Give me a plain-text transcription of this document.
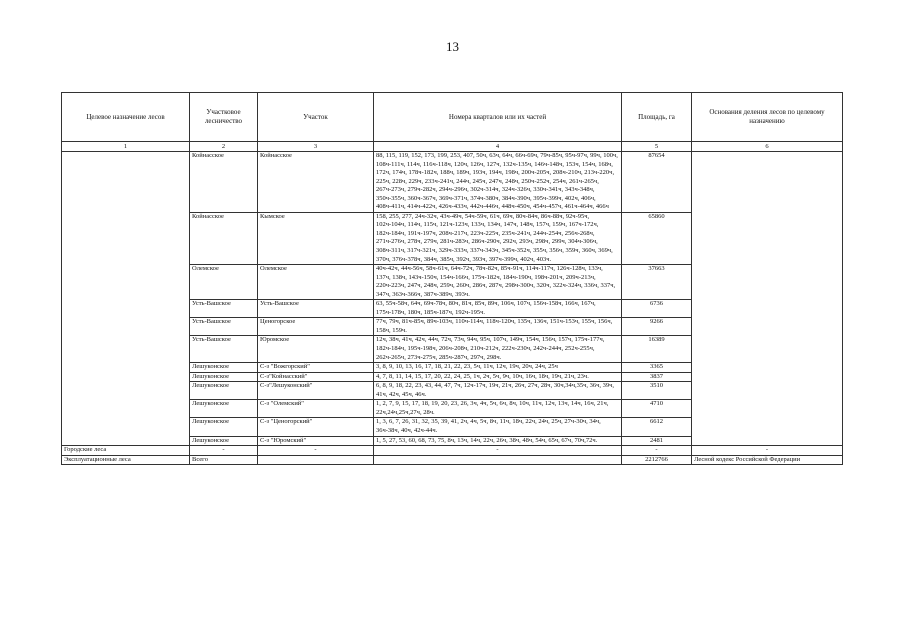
13
Целевое назначение лесов	Участковое лесничество	Участок	Номера кварталов или их частей	Площадь, га	Основания деления лесов по целевому назначению
1	2	3	4	5	6
	Койнасское	Койнасское	88, 115, 119, 152, 173, 199, 253, 407, 50ч, 63ч, 64ч, 66ч-69ч, 79ч-85ч, 95ч-97ч, 99ч, 100ч, 108ч-111ч, 114ч, 116ч-118ч, 120ч, 126ч, 127ч, 132ч-135ч, 146ч-148ч, 153ч, 154ч, 168ч, 172ч, 174ч, 178ч-182ч, 188ч, 189ч, 193ч, 194ч, 198ч, 200ч-205ч, 208ч-210ч, 213ч-220ч, 225ч, 228ч, 229ч, 233ч-241ч, 244ч, 245ч, 247ч, 248ч, 250ч-252ч, 254ч, 261ч-265ч, 267ч-273ч, 279ч-282ч, 294ч-296ч, 302ч-314ч, 324ч-326ч, 330ч-341ч, 343ч-348ч, 350ч-355ч, 360ч-367ч, 369ч-371ч, 374ч-380ч, 384ч-390ч, 395ч-399ч, 402ч, 406ч, 408ч-411ч, 414ч-422ч, 426ч-433ч, 442ч-446ч, 448ч-450ч, 454ч-457ч, 461ч-464ч, 466ч	87654	
	Койнасское	Кымское	158, 255, 277, 24ч-32ч, 43ч-49ч, 54ч-59ч, 61ч, 69ч, 80ч-84ч, 86ч-88ч, 92ч-95ч, 102ч-104ч, 114ч, 115ч, 121ч-123ч, 133ч, 134ч, 147ч, 148ч, 157ч, 159ч, 167ч-172ч, 182ч-184ч, 191ч-197ч, 208ч-217ч, 223ч-225ч, 235ч-241ч, 244ч-254ч, 256ч-268ч, 271ч-276ч, 278ч, 279ч, 281ч-283ч, 286ч-290ч, 292ч, 293ч, 298ч, 299ч, 304ч-306ч, 308ч-311ч, 317ч-321ч, 329ч-333ч, 337ч-343ч, 345ч-352ч, 355ч, 356ч, 359ч, 360ч, 369ч, 370ч, 376ч-378ч, 384ч, 385ч, 392ч, 393ч, 397ч-399ч, 402ч, 403ч.	65860	
	Олемское	Олемское	40ч-42ч, 44ч-56ч, 58ч-61ч, 64ч-72ч, 78ч-82ч, 85ч-91ч, 114ч-117ч, 126ч-128ч, 133ч, 137ч, 138ч, 143ч-150ч, 154ч-166ч, 175ч-182ч, 184ч-190ч, 198ч-201ч, 209ч-213ч, 220ч-223ч, 247ч, 248ч, 259ч, 260ч, 286ч, 287ч, 298ч-300ч, 320ч, 322ч-324ч, 336ч, 337ч, 347ч, 363ч-366ч, 387ч-389ч, 393ч.	37663	
	Усть-Вашское	Усть-Вашское	63, 55ч-58ч, 64ч, 69ч-78ч, 80ч, 81ч, 85ч, 89ч, 106ч, 107ч, 156ч-158ч, 166ч, 167ч, 175ч-178ч, 180ч, 185ч-187ч, 192ч-195ч.	6736	
	Усть-Вашское	Ценогорское	77ч, 79ч, 81ч-85ч, 89ч-103ч, 110ч-114ч, 118ч-120ч, 135ч, 136ч, 151ч-153ч, 155ч, 156ч, 158ч, 159ч.	9266	
	Усть-Вашское	Юромское	12ч, 38ч, 41ч, 42ч, 44ч, 72ч, 73ч, 94ч, 95ч, 107ч, 149ч, 154ч, 156ч, 157ч, 175ч-177ч, 182ч-184ч, 195ч-198ч, 206ч-208ч, 210ч-212ч, 222ч-230ч, 242ч-244ч, 252ч-255ч, 262ч-265ч, 273ч-275ч, 285ч-287ч, 297ч, 298ч.	16389	
	Лешуконское	С-з "Вожгорский"	3, 8, 9, 10, 13, 16, 17, 18, 21, 22, 23, 5ч, 11ч, 12ч, 19ч, 20ч, 24ч, 25ч	3365	
	Лешуконское	С-з"Койнасский"	4, 7, 8, 11, 14, 15, 17, 20, 22, 24, 25, 1ч, 2ч, 5ч, 9ч, 10ч, 16ч, 18ч, 19ч, 21ч, 23ч.	3837	
	Лешуконское	С-з"Лешуконский"	6, 8, 9, 18, 22, 23, 43, 44, 47, 7ч, 12ч-17ч, 19ч, 21ч, 26ч, 27ч, 28ч, 30ч,34ч,35ч, 36ч, 39ч, 41ч, 42ч, 45ч, 46ч.	3510	
	Лешуконское	С-з "Олемский"	1, 2, 7, 9, 15, 17, 18, 19, 20, 23, 26, 3ч, 4ч, 5ч, 6ч, 8ч, 10ч, 11ч, 12ч, 13ч, 14ч, 16ч, 21ч, 22ч,24ч,25ч,27ч, 28ч.	4710	
	Лешуконское	С-з "Ценогорский"	1, 3, 6, 7, 26, 31, 32, 35, 39, 41, 2ч, 4ч, 5ч, 8ч, 11ч, 18ч, 22ч, 24ч, 25ч, 27ч-30ч, 34ч, 36ч-38ч, 40ч, 42ч-44ч.	6612	
	Лешуконское	С-з "Юромский"	1, 5, 27, 53, 60, 68, 73, 75, 8ч, 13ч, 14ч, 22ч, 26ч, 38ч, 48ч, 54ч, 65ч, 67ч, 70ч,72ч.	2481	
Городские леса	-	-	-	-	-
Эксплуатационные леса	Всего			2212766	Лесной кодекс Российской Федерации
